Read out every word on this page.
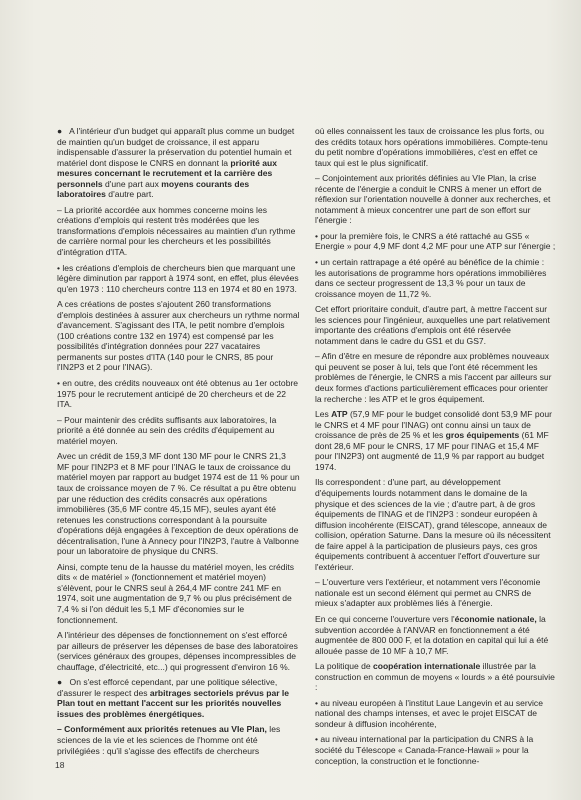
● A l'intérieur d'un budget qui apparaît plus comme un budget de maintien qu'un budget de croissance, il est apparu indispensable d'assurer la préservation du potentiel humain et matériel dont dispose le CNRS en donnant la priorité aux mesures concernant le recrutement et la carrière des personnels d'une part aux moyens courants des laboratoires d'autre part.

– La priorité accordée aux hommes concerne moins les créations d'emplois qui restent très modérées que les transformations d'emplois nécessaires au maintien d'un rythme de carrière normal pour les chercheurs et les possibilités d'intégration d'ITA.

• les créations d'emplois de chercheurs bien que marquant une légère diminution par rapport à 1974 sont, en effet, plus élevées qu'en 1973 : 110 chercheurs contre 113 en 1974 et 80 en 1973.

A ces créations de postes s'ajoutent 260 transformations d'emplois destinées à assurer aux chercheurs un rythme normal d'avancement. S'agissant des ITA, le petit nombre d'emplois (100 créations contre 132 en 1974) est compensé par les possibilités d'intégration données pour 227 vacataires permanents sur postes d'ITA (140 pour le CNRS, 85 pour l'IN2P3 et 2 pour l'INAG).

• en outre, des crédits nouveaux ont été obtenus au 1er octobre 1975 pour le recrutement anticipé de 20 chercheurs et de 22 ITA.

– Pour maintenir des crédits suffisants aux laboratoires, la priorité a été donnée au sein des crédits d'équipement au matériel moyen.

Avec un crédit de 159,3 MF dont 130 MF pour le CNRS 21,3 MF pour l'IN2P3 et 8 MF pour l'INAG le taux de croissance du matériel moyen par rapport au budget 1974 est de 11 % pour un taux de croissance moyen de 7 %. Ce résultat a pu être obtenu par une réduction des crédits consacrés aux opérations immobilières (35,6 MF contre 45,15 MF), seules ayant été retenues les constructions correspondant à la poursuite d'opérations déjà engagées à l'exception de deux opérations de décentralisation, l'une à Annecy pour l'IN2P3, l'autre à Valbonne pour un laboratoire de physique du CNRS.

Ainsi, compte tenu de la hausse du matériel moyen, les crédits dits « de matériel » (fonctionnement et matériel moyen) s'élèvent, pour le CNRS seul à 264,4 MF contre 241 MF en 1974, soit une augmentation de 9,7 % ou plus précisément de 7,4 % si l'on déduit les 5,1 MF d'économies sur le fonctionnement.

A l'intérieur des dépenses de fonctionnement on s'est efforcé par ailleurs de préserver les dépenses de base des laboratoires (services généraux des groupes, dépenses incompressibles de chauffage, d'électricité, etc...) qui progressent d'environ 16 %.

● On s'est efforcé cependant, par une politique sélective, d'assurer le respect des arbitrages sectoriels prévus par le Plan tout en mettant l'accent sur les priorités nouvelles issues des problèmes énergétiques.

– Conformément aux priorités retenues au VIe Plan, les sciences de la vie et les sciences de l'homme ont été privilégiées : qu'il s'agisse des effectifs de chercheurs

où elles connaissent les taux de croissance les plus forts, ou des crédits totaux hors opérations immobilières. Compte-tenu du petit nombre d'opérations immobilières, c'est en effet ce taux qui est le plus significatif.

– Conjointement aux priorités définies au VIe Plan, la crise récente de l'énergie a conduit le CNRS à mener un effort de réflexion sur l'orientation nouvelle à donner aux recherches, et notamment à mieux concentrer une part de son effort sur l'énergie :

• pour la première fois, le CNRS a été rattaché au GS5 « Energie » pour 4,9 MF dont 4,2 MF pour une ATP sur l'énergie ;

• un certain rattrapage a été opéré au bénéfice de la chimie : les autorisations de programme hors opérations immobilières dans ce secteur progressent de 13,3 % pour un taux de croissance moyen de 11,72 %.

Cet effort prioritaire conduit, d'autre part, à mettre l'accent sur les sciences pour l'ingénieur, auxquelles une part relativement importante des créations d'emplois ont été réservée notamment dans le cadre du GS1 et du GS7.

– Afin d'être en mesure de répondre aux problèmes nouveaux qui peuvent se poser à lui, tels que l'ont été récemment les problèmes de l'énergie, le CNRS a mis l'accent par ailleurs sur deux formes d'actions particulièrement efficaces pour orienter la recherche : les ATP et le gros équipement.

Les ATP (57,9 MF pour le budget consolidé dont 53,9 MF pour le CNRS et 4 MF pour l'INAG) ont connu ainsi un taux de croissance de près de 25 % et les gros équipements (61 MF dont 28,6 MF pour le CNRS, 17 MF pour l'INAG et 15,4 MF pour l'IN2P3) ont augmenté de 11,9 % par rapport au budget 1974.

Ils correspondent : d'une part, au développement d'équipements lourds notamment dans le domaine de la physique et des sciences de la vie ; d'autre part, à de gros équipements de l'INAG et de l'IN2P3 : sondeur européen à diffusion incohérente (EISCAT), grand télescope, anneaux de collision, opération Saturne. Dans la mesure où ils nécessitent de faire appel à la participation de plusieurs pays, ces gros équipements contribuent à accentuer l'effort d'ouverture sur l'extérieur.

– L'ouverture vers l'extérieur, et notamment vers l'économie nationale est un second élément qui permet au CNRS de mieux s'adapter aux problèmes liés à l'énergie.

En ce qui concerne l'ouverture vers l'économie nationale, la subvention accordée à l'ANVAR en fonctionnement a été augmentée de 800 000 F, et la dotation en capital qui lui a été allouée passe de 10 MF à 10,7 MF.

La politique de coopération internationale illustrée par la construction en commun de moyens « lourds » a été poursuivie :

• au niveau européen à l'institut Laue Langevin et au service national des champs intenses, et avec le projet EISCAT de sondeur à diffusion incohérente,

• au niveau international par la participation du CNRS à la société du Télescope « Canada-France-Hawaii » pour la conception, la construction et le fonctionne-

18
